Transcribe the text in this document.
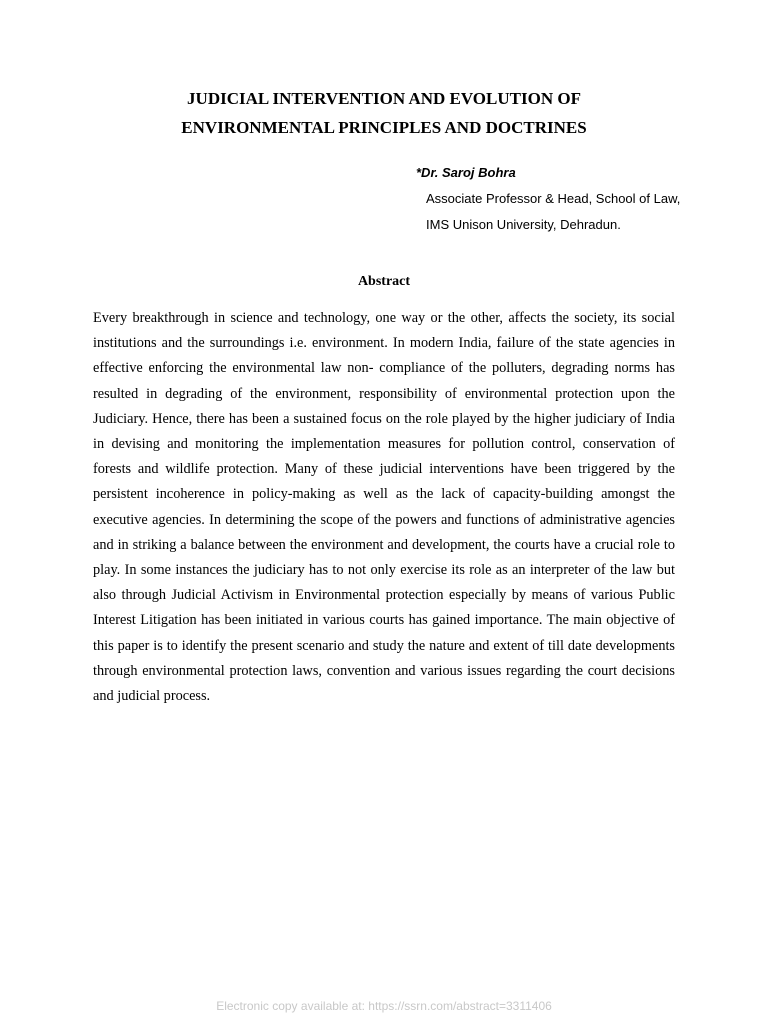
JUDICIAL INTERVENTION AND EVOLUTION OF
ENVIRONMENTAL PRINCIPLES AND DOCTRINES
*Dr. Saroj Bohra
Associate Professor & Head, School of Law,
IMS Unison University, Dehradun.
Abstract

Every breakthrough in science and technology, one way or the other, affects the society, its social institutions and the surroundings i.e. environment. In modern India, failure of the state agencies in effective enforcing the environmental law non- compliance of the polluters, degrading norms has resulted in degrading of the environment, responsibility of environmental protection upon the Judiciary. Hence, there has been a sustained focus on the role played by the higher judiciary of India in devising and monitoring the implementation measures for pollution control, conservation of forests and wildlife protection. Many of these judicial interventions have been triggered by the persistent incoherence in policy-making as well as the lack of capacity-building amongst the executive agencies. In determining the scope of the powers and functions of administrative agencies and in striking a balance between the environment and development, the courts have a crucial role to play. In some instances the judiciary has to not only exercise its role as an interpreter of the law but also through Judicial Activism in Environmental protection especially by means of various Public Interest Litigation has been initiated in various courts has gained importance. The main objective of this paper is to identify the present scenario and study the nature and extent of till date developments through environmental protection laws, convention and various issues regarding the court decisions and judicial process.

Electronic copy available at: https://ssrn.com/abstract=3311406
